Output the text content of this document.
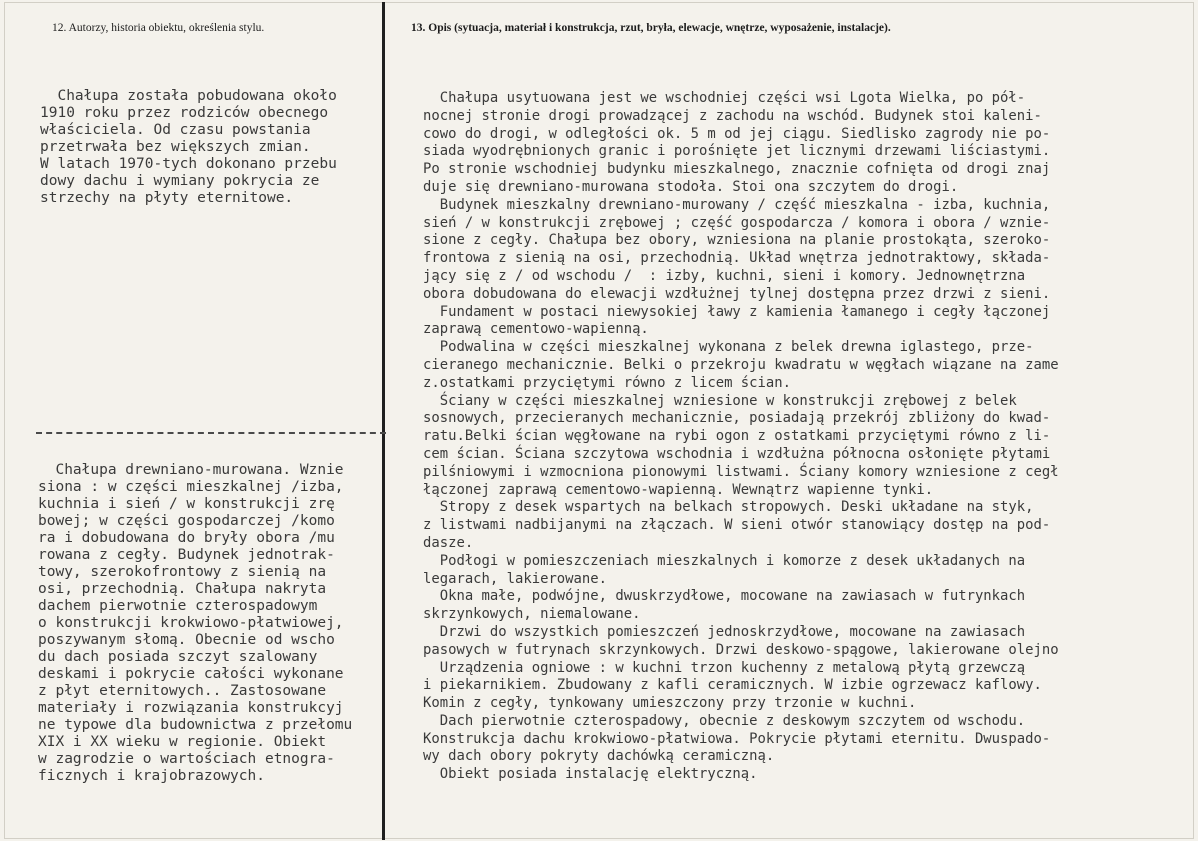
12. Autorzy, historia obiektu, określenia stylu.	13. Opis (sytuacja, materiał i konstrukcja, rzut, bryła, elewacje, wnętrze, wyposażenie, instalacje).
Chałupa została pobudowana około
1910 roku przez rodziców obecnego
właściciela. Od czasu powstania
przetrwała bez większych zmian.
W latach 1970-tych dokonano przebu
dowy dachu i wymiany pokrycia ze
strzechy na płyty eternitowe.
Chałupa drewniano-murowana. Wznie
siona : w części mieszkalnej /izba,
kuchnia i sień / w konstrukcji zrę
bowej; w części gospodarczej /komo
ra i dobudowana do bryły obora /mu
rowana z cegły. Budynek jednotrak-
towy, szerokofrontowy z sienią na
osi, przechodnią. Chałupa nakryta
dachem pierwotnie czterospadowym
o konstrukcji krokwiowo-płatwiowej,
poszywanym słomą. Obecnie od wscho
du dach posiada szczyt szalowany
deskami i pokrycie całości wykonane
z płyt eternitowych.. Zastosowane
materiały i rozwiązania konstrukcyj
ne typowe dla budownictwa z przełomu
XIX i XX wieku w regionie. Obiekt
w zagrodzie o wartościach etnogra-
ficznych i krajobrazowych.
Chałupa usytuowana jest we wschodniej części wsi Lgota Wielka, po pół-
nocnej stronie drogi prowadzącej z zachodu na wschód. Budynek stoi kaleni-
cowo do drogi, w odległości ok. 5 m od jej ciągu. Siedlisko zagrody nie po-
siada wyodrębnionych granic i porośnięte jet licznymi drzewami liściastymi.
Po stronie wschodniej budynku mieszkalnego, znacznie cofnięta od drogi znaj
duje się drewniano-murowana stodoła. Stoi ona szczytem do drogi.
Budynek mieszkalny drewniano-murowany / część mieszkalna - izba, kuchnia,
sień / w konstrukcji zrębowej ; część gospodarcza / komora i obora / wznie-
sione z cegły. Chałupa bez obory, wzniesiona na planie prostokąta, szeroko-
frontowa z sienią na osi, przechodnią. Układ wnętrza jednotraktowy, składa-
jący się z / od wschodu /  : izby, kuchni, sieni i komory. Jednownętrzna
obora dobudowana do elewacji wzdłużnej tylnej dostępna przez drzwi z sieni.
Fundament w postaci niewysokiej ławy z kamienia łamanego i cegły łączonej
zaprawą cementowo-wapienną.
Podwalina w części mieszkalnej wykonana z belek drewna iglastego, prze-
cieranego mechanicznie. Belki o przekroju kwadratu w węgłach wiązane na zame
z.ostatkami przyciętymi równo z licem ścian.
Ściany w części mieszkalnej wzniesione w konstrukcji zrębowej z belek
sosnowych, przecieranych mechanicznie, posiadają przekrój zbliżony do kwad-
ratu.Belki ścian węgłowane na rybi ogon z ostatkami przyciętymi równo z li-
cem ścian. Ściana szczytowa wschodnia i wzdłużna północna osłonięte płytami
pilśniowymi i wzmocniona pionowymi listwami. Ściany komory wzniesione z cegł
łączonej zaprawą cementowo-wapienną. Wewnątrz wapienne tynki.
Stropy z desek wspartych na belkach stropowych. Deski układane na styk,
z listwami nadbijanymi na złączach. W sieni otwór stanowiący dostęp na pod-
dasze.
Podłogi w pomieszczeniach mieszkalnych i komorze z desek układanych na
legarach, lakierowane.
Okna małe, podwójne, dwuskrzydłowe, mocowane na zawiasach w futrynkach
skrzynkowych, niemalowane.
Drzwi do wszystkich pomieszczeń jednoskrzydłowe, mocowane na zawiasach
pasowych w futrynach skrzynkowych. Drzwi deskowo-spągowe, lakierowane olejno
Urządzenia ogniowe : w kuchni trzon kuchenny z metalową płytą grzewczą
i piekarnikiem. Zbudowany z kafli ceramicznych. W izbie ogrzewacz kaflowy.
Komin z cegły, tynkowany umieszczony przy trzonie w kuchni.
Dach pierwotnie czterospadowy, obecnie z deskowym szczytem od wschodu.
Konstrukcja dachu krokwiowo-płatwiowa. Pokrycie płytami eternitu. Dwuspado-
wy dach obory pokryty dachówką ceramiczną.
Obiekt posiada instalację elektryczną.
